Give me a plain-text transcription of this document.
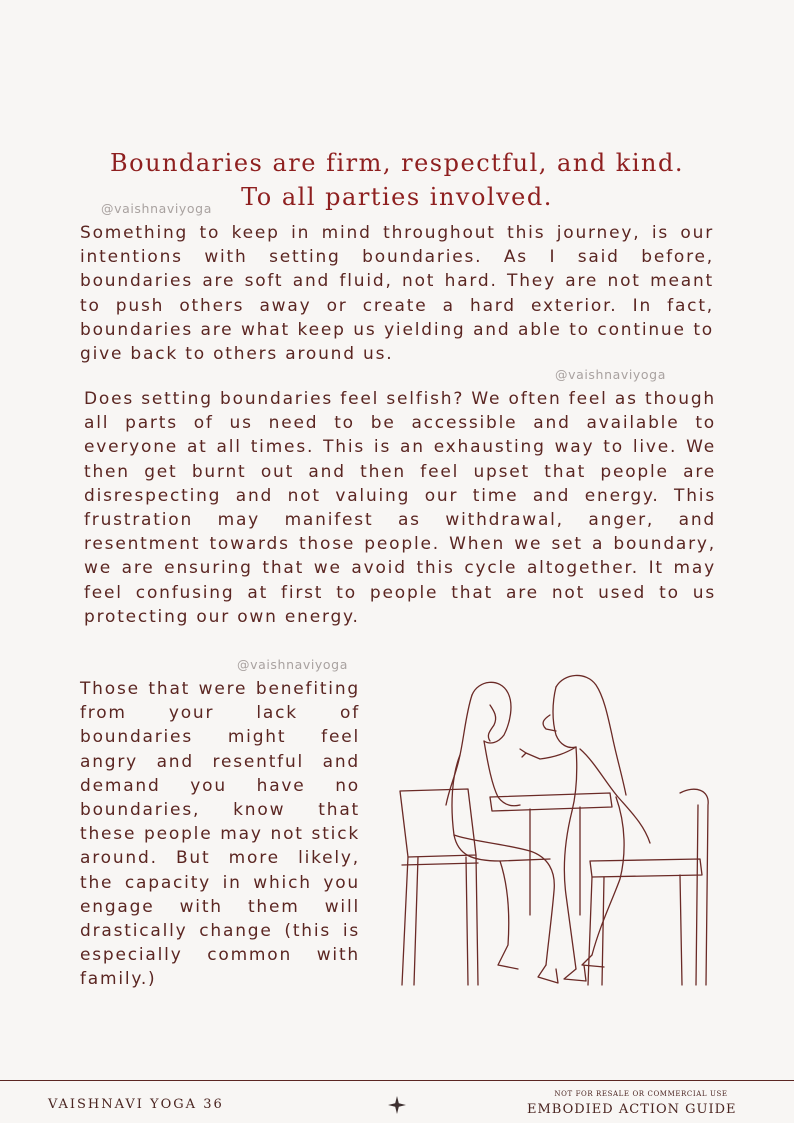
Boundaries are firm, respectful, and kind.
To all parties involved.
@vaishnaviyoga

Something to keep in mind throughout this journey, is our intentions with setting boundaries. As I said before, boundaries are soft and fluid, not hard. They are not meant to push others away or create a hard exterior. In fact, boundaries are what keep us yielding and able to continue to give back to others around us.

@vaishnaviyoga

Does setting boundaries feel selfish? We often feel as though all parts of us need to be accessible and available to everyone at all times. This is an exhausting way to live. We then get burnt out and then feel upset that people are disrespecting and not valuing our time and energy. This frustration may manifest as withdrawal, anger, and resentment towards those people. When we set a boundary, we are ensuring that we avoid this cycle altogether. It may feel confusing at first to people that are not used to us protecting our own energy.

@vaishnaviyoga

Those that were benefiting from your lack of boundaries might feel angry and resentful and demand you have no boundaries, know that these people may not stick around. But more likely, the capacity in which you engage with them will drastically change (this is especially common with family.)

VAISHNAVI YOGA 36
NOT FOR RESALE OR COMMERCIAL USE
EMBODIED ACTION GUIDE
